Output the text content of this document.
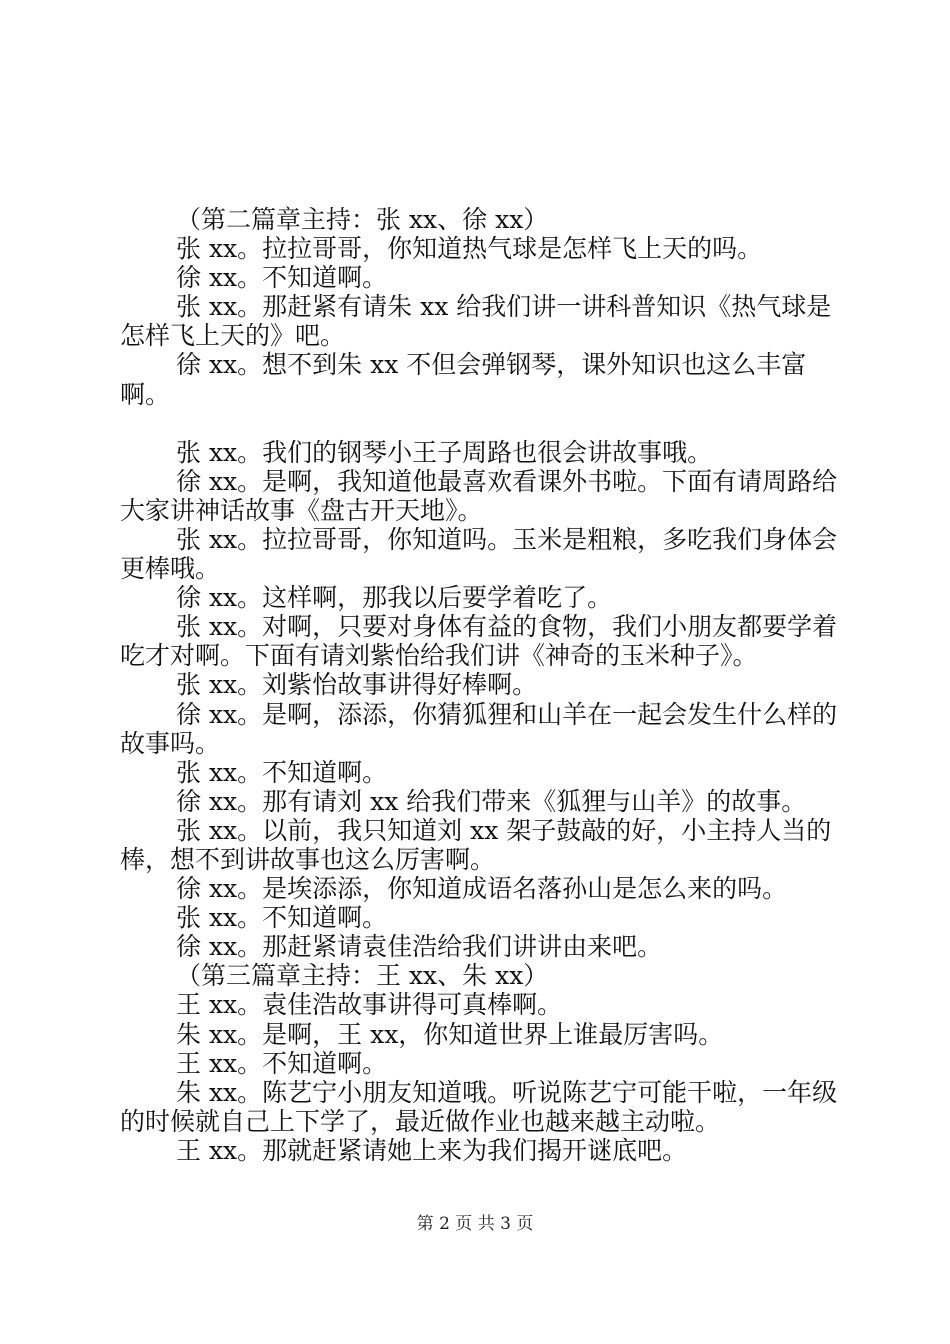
（第二篇章主持：张 xx、徐 xx）

张 xx。拉拉哥哥，你知道热气球是怎样飞上天的吗。

徐 xx。不知道啊。

张 xx。那赶紧有请朱 xx 给我们讲一讲科普知识《热气球是怎样飞上天的》吧。

徐 xx。想不到朱 xx 不但会弹钢琴，课外知识也这么丰富啊。

张 xx。我们的钢琴小王子周路也很会讲故事哦。

徐 xx。是啊，我知道他最喜欢看课外书啦。下面有请周路给大家讲神话故事《盘古开天地》。

张 xx。拉拉哥哥，你知道吗。玉米是粗粮，多吃我们身体会更棒哦。

徐 xx。这样啊，那我以后要学着吃了。

张 xx。对啊，只要对身体有益的食物，我们小朋友都要学着吃才对啊。下面有请刘紫怡给我们讲《神奇的玉米种子》。

张 xx。刘紫怡故事讲得好棒啊。

徐 xx。是啊，添添，你猜狐狸和山羊在一起会发生什么样的故事吗。

张 xx。不知道啊。

徐 xx。那有请刘 xx 给我们带来《狐狸与山羊》的故事。

张 xx。以前，我只知道刘 xx 架子鼓敲的好，小主持人当的棒，想不到讲故事也这么厉害啊。

徐 xx。是埃添添，你知道成语名落孙山是怎么来的吗。

张 xx。不知道啊。

徐 xx。那赶紧请袁佳浩给我们讲讲由来吧。

（第三篇章主持：王 xx、朱 xx）

王 xx。袁佳浩故事讲得可真棒啊。

朱 xx。是啊，王 xx，你知道世界上谁最厉害吗。

王 xx。不知道啊。

朱 xx。陈艺宁小朋友知道哦。听说陈艺宁可能干啦，一年级的时候就自己上下学了，最近做作业也越来越主动啦。

王 xx。那就赶紧请她上来为我们揭开谜底吧。

第 2 页 共 3 页
